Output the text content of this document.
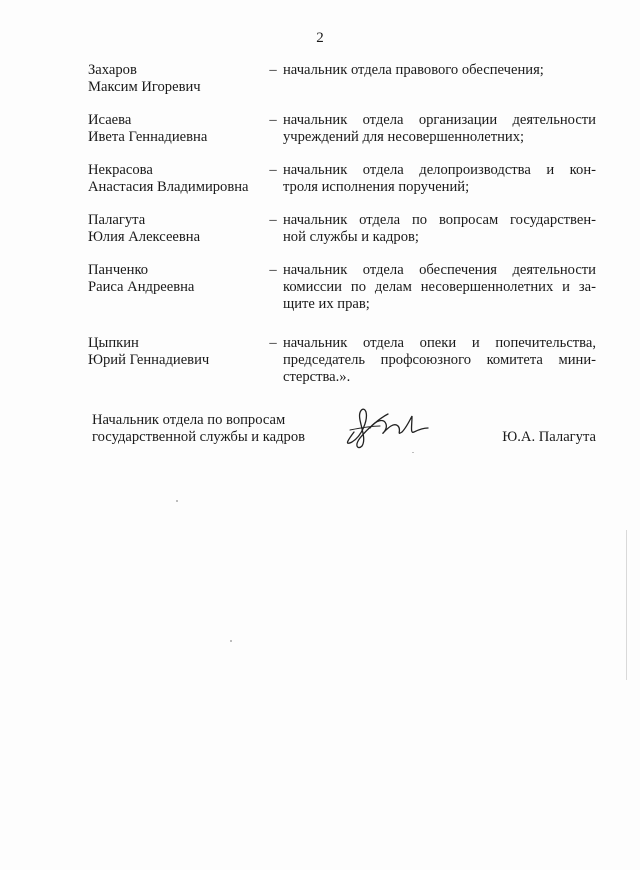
2
Захаров
Максим Игоревич
– начальник отдела правового обеспечения;
Исаева
Ивета Геннадиевна
– начальник отдела организации деятельности
учреждений для несовершеннолетних;
Некрасова
Анастасия Владимировна
– начальник отдела делопроизводства и кон-
троля исполнения поручений;
Палагута
Юлия Алексеевна
– начальник отдела по вопросам государствен-
ной службы и кадров;
Панченко
Раиса Андреевна
– начальник отдела обеспечения деятельности
комиссии по делам несовершеннолетних и за-
щите их прав;
Цыпкин
Юрий Геннадиевич
– начальник отдела опеки и попечительства,
председатель профсоюзного комитета мини-
стерства.».
Начальник отдела по вопросам
государственной службы и кадров	Ю.А. Палагута
